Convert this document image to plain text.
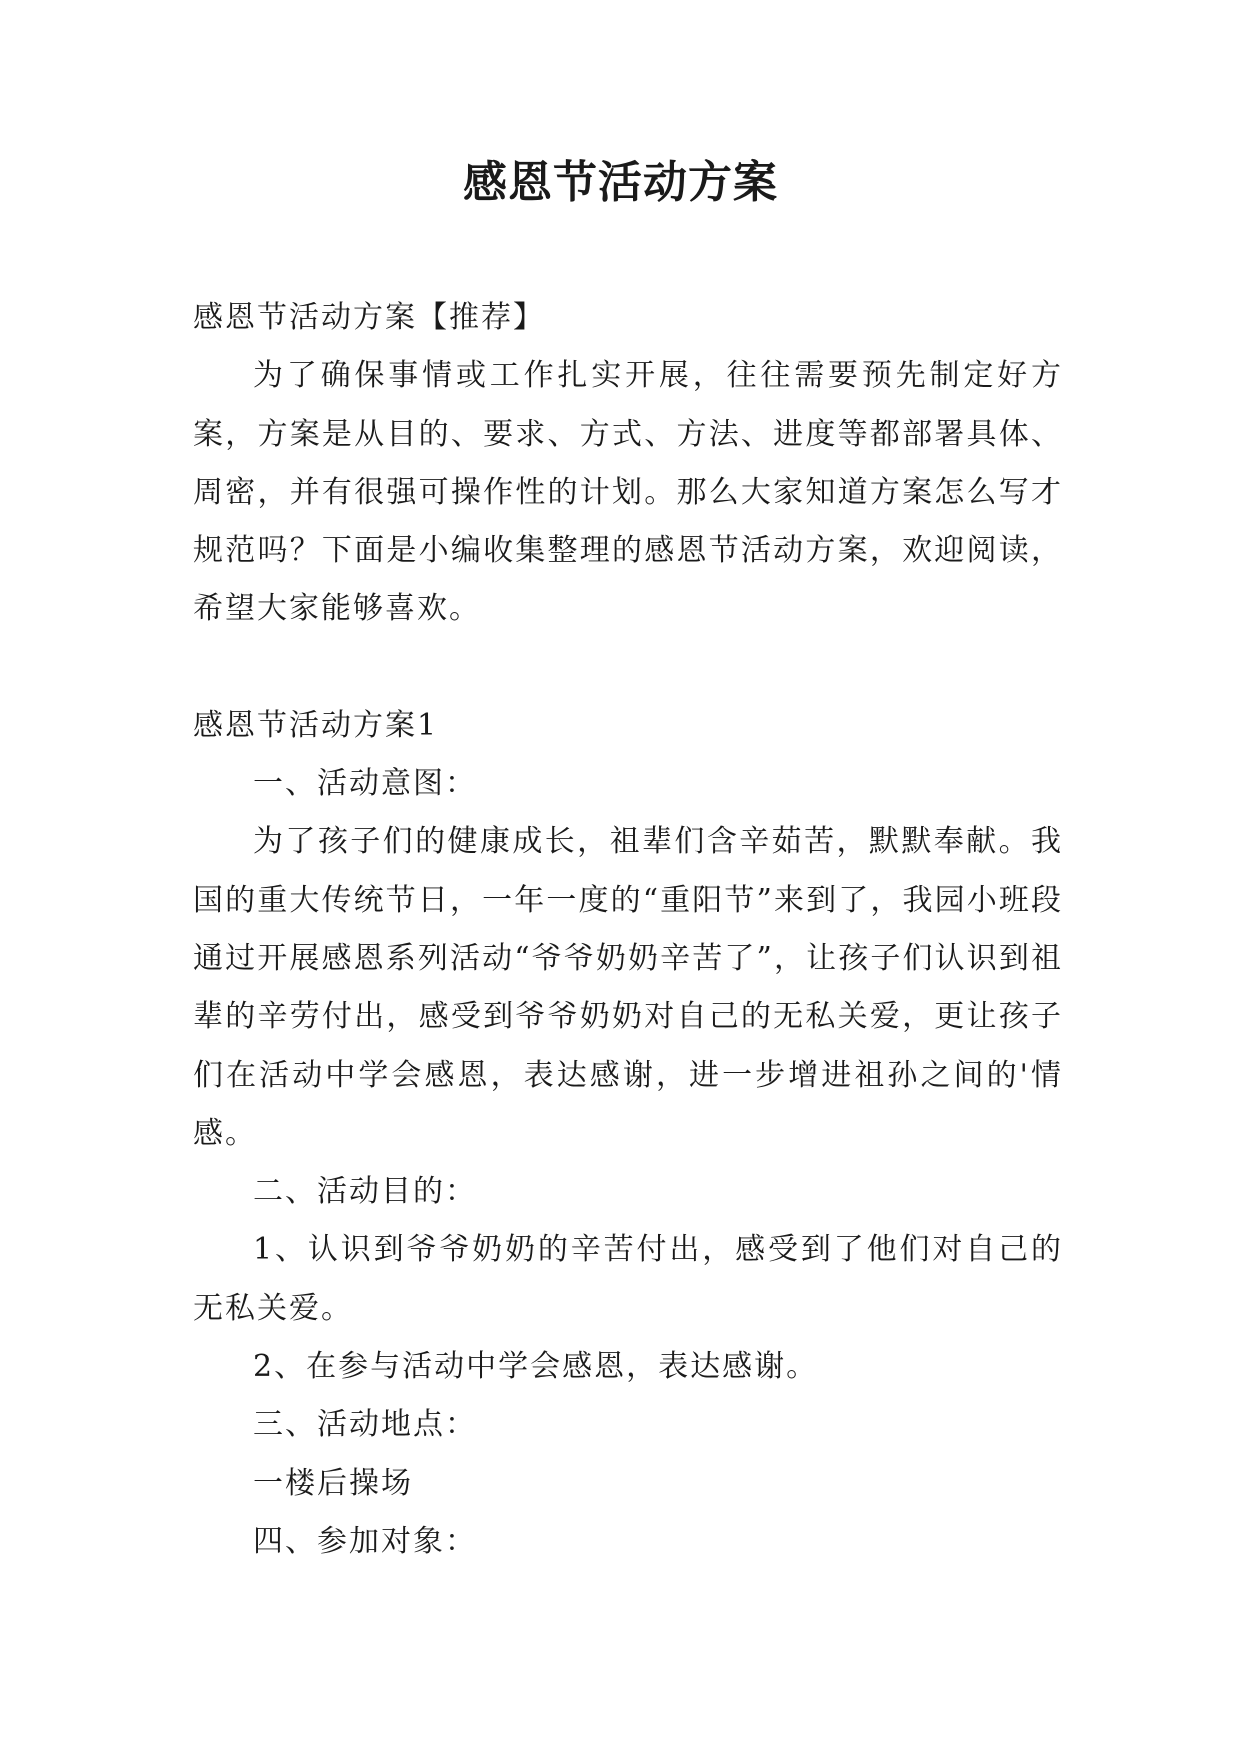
感恩节活动方案

感恩节活动方案【推荐】

为了确保事情或工作扎实开展，往往需要预先制定好方案，方案是从目的、要求、方式、方法、进度等都部署具体、周密，并有很强可操作性的计划。那么大家知道方案怎么写才规范吗？下面是小编收集整理的感恩节活动方案，欢迎阅读，希望大家能够喜欢。

感恩节活动方案1

一、活动意图：

为了孩子们的健康成长，祖辈们含辛茹苦，默默奉献。我国的重大传统节日，一年一度的“重阳节”来到了，我园小班段通过开展感恩系列活动“爷爷奶奶辛苦了”，让孩子们认识到祖辈的辛劳付出，感受到爷爷奶奶对自己的无私关爱，更让孩子们在活动中学会感恩，表达感谢，进一步增进祖孙之间的'情感。

二、活动目的：

1、认识到爷爷奶奶的辛苦付出，感受到了他们对自己的无私关爱。

2、在参与活动中学会感恩，表达感谢。

三、活动地点：

一楼后操场

四、参加对象：
